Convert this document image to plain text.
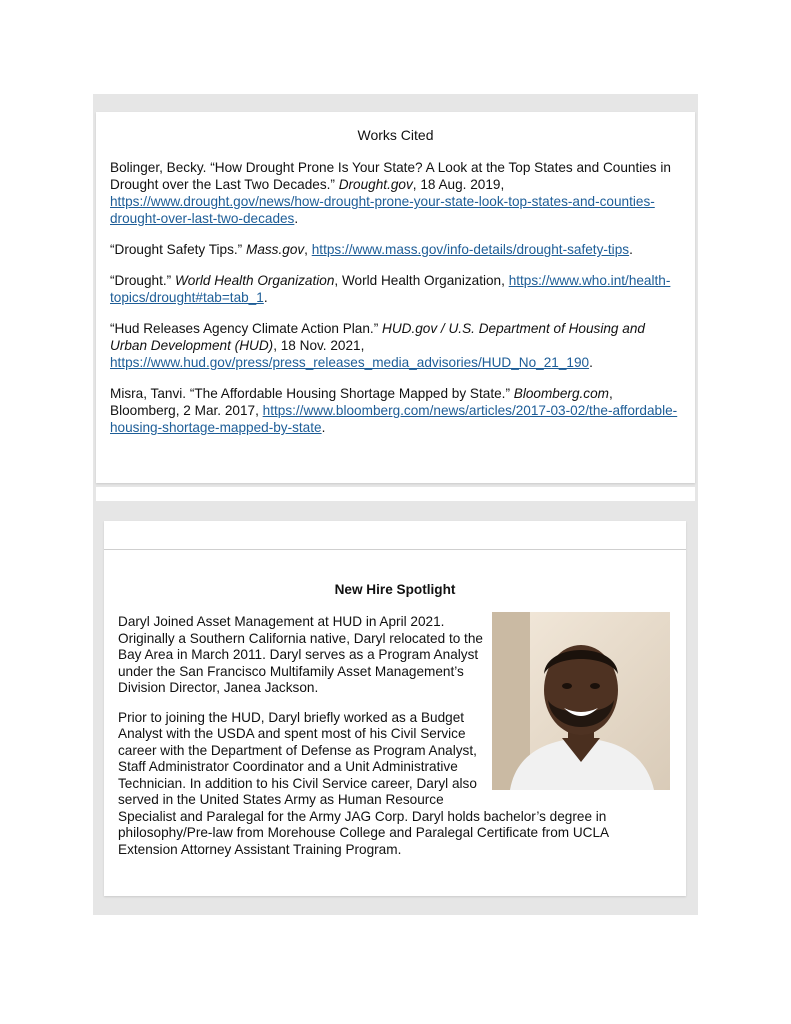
Works Cited

Bolinger, Becky. “How Drought Prone Is Your State? A Look at the Top States and Counties in Drought over the Last Two Decades.” Drought.gov, 18 Aug. 2019, https://www.drought.gov/news/how-drought-prone-your-state-look-top-states-and-counties-drought-over-last-two-decades.

“Drought Safety Tips.” Mass.gov, https://www.mass.gov/info-details/drought-safety-tips.

“Drought.” World Health Organization, World Health Organization, https://www.who.int/health-topics/drought#tab=tab_1.

“Hud Releases Agency Climate Action Plan.” HUD.gov / U.S. Department of Housing and Urban Development (HUD), 18 Nov. 2021, https://www.hud.gov/press/press_releases_media_advisories/HUD_No_21_190.

Misra, Tanvi. “The Affordable Housing Shortage Mapped by State.” Bloomberg.com, Bloomberg, 2 Mar. 2017, https://www.bloomberg.com/news/articles/2017-03-02/the-affordable-housing-shortage-mapped-by-state.

New Hire Spotlight

Daryl Joined Asset Management at HUD in April 2021. Originally a Southern California native, Daryl relocated to the Bay Area in March 2011. Daryl serves as a Program Analyst under the San Francisco Multifamily Asset Management’s Division Director, Janea Jackson.

Prior to joining the HUD, Daryl briefly worked as a Budget Analyst with the USDA and spent most of his Civil Service career with the Department of Defense as Program Analyst, Staff Administrator Coordinator and a Unit Administrative Technician. In addition to his Civil Service career, Daryl also served in the United States Army as Human Resource Specialist and Paralegal for the Army JAG Corp. Daryl holds bachelor’s degree in philosophy/Pre-law from Morehouse College and Paralegal Certificate from UCLA Extension Attorney Assistant Training Program.
